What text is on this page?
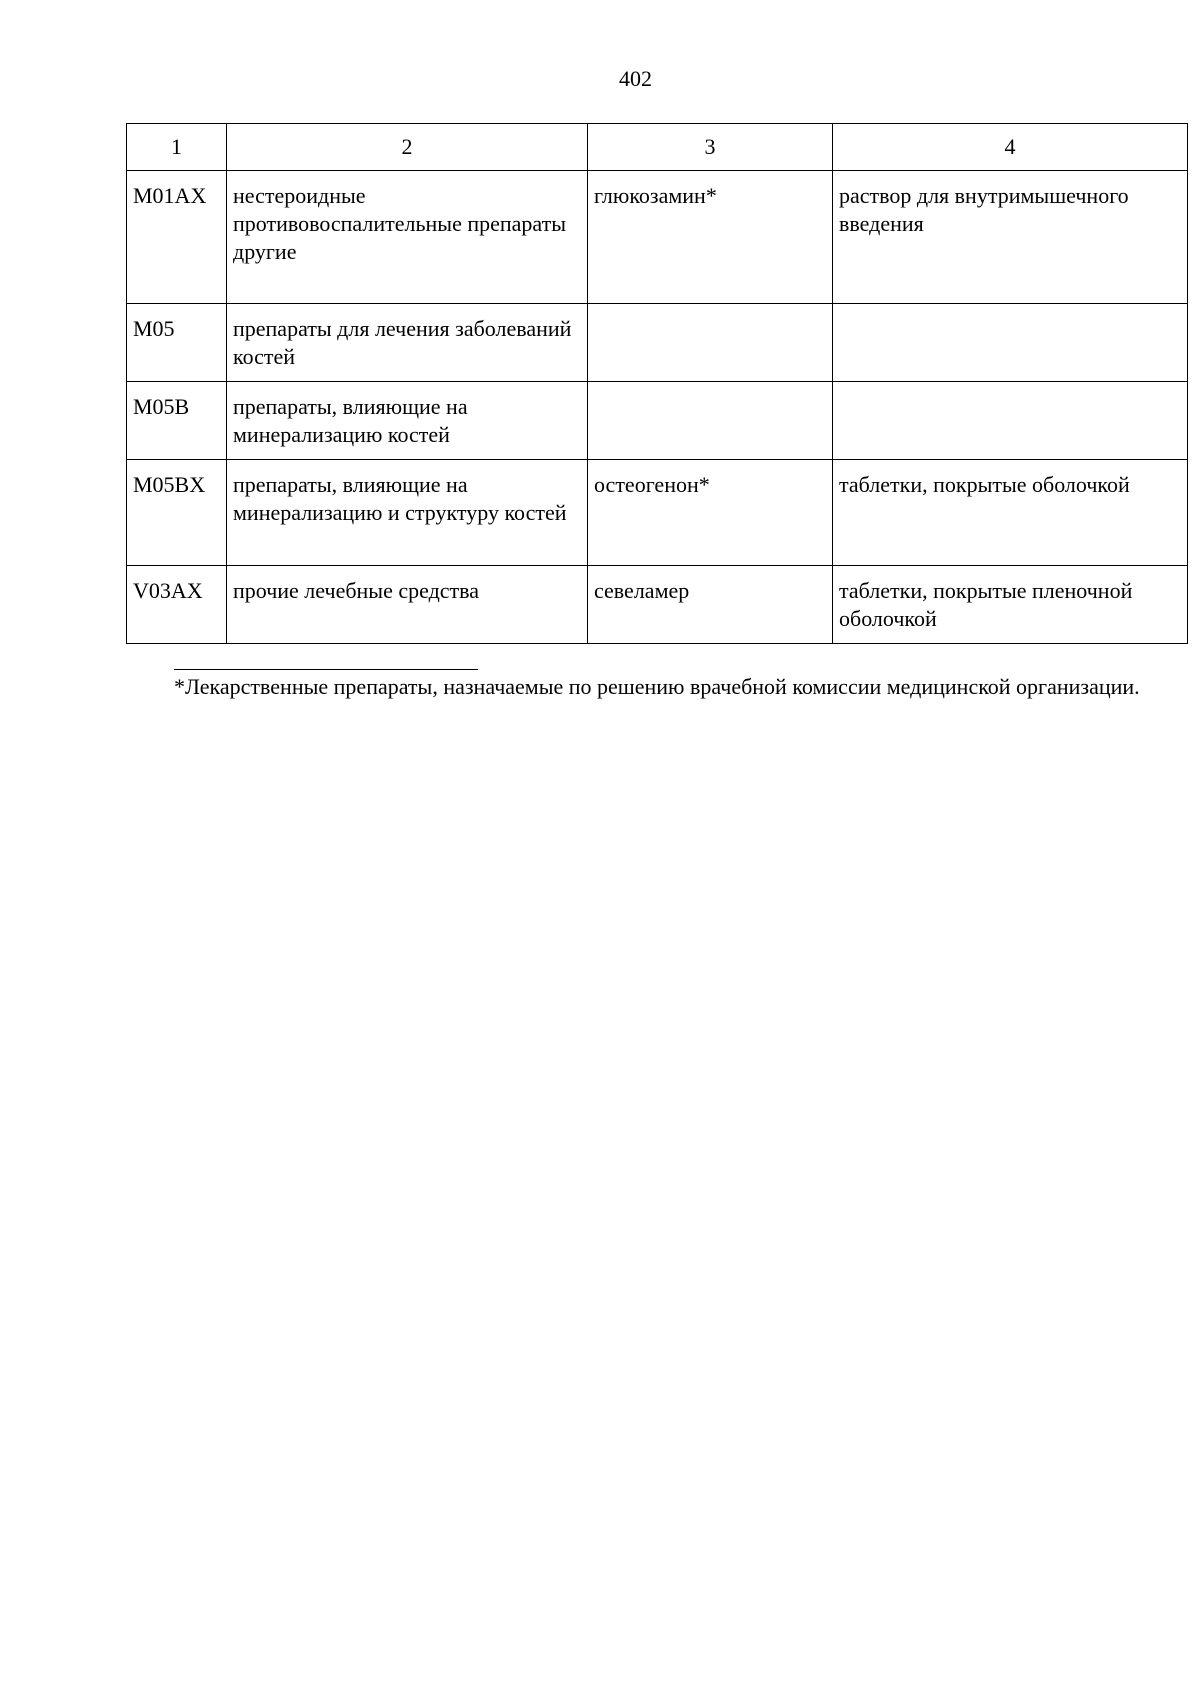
402
1	2	3	4
M01AX	нестероидные противовоспалительные препараты другие	глюкозамин*	раствор для внутримышечного введения
M05	препараты для лечения заболеваний костей		
M05B	препараты, влияющие на минерализацию костей		
M05BX	препараты, влияющие на минерализацию и структуру костей	остеогенон*	таблетки, покрытые оболочкой
V03AX	прочие лечебные средства	севеламер	таблетки, покрытые пленочной оболочкой
*Лекарственные препараты, назначаемые по решению врачебной комиссии медицинской организации.
